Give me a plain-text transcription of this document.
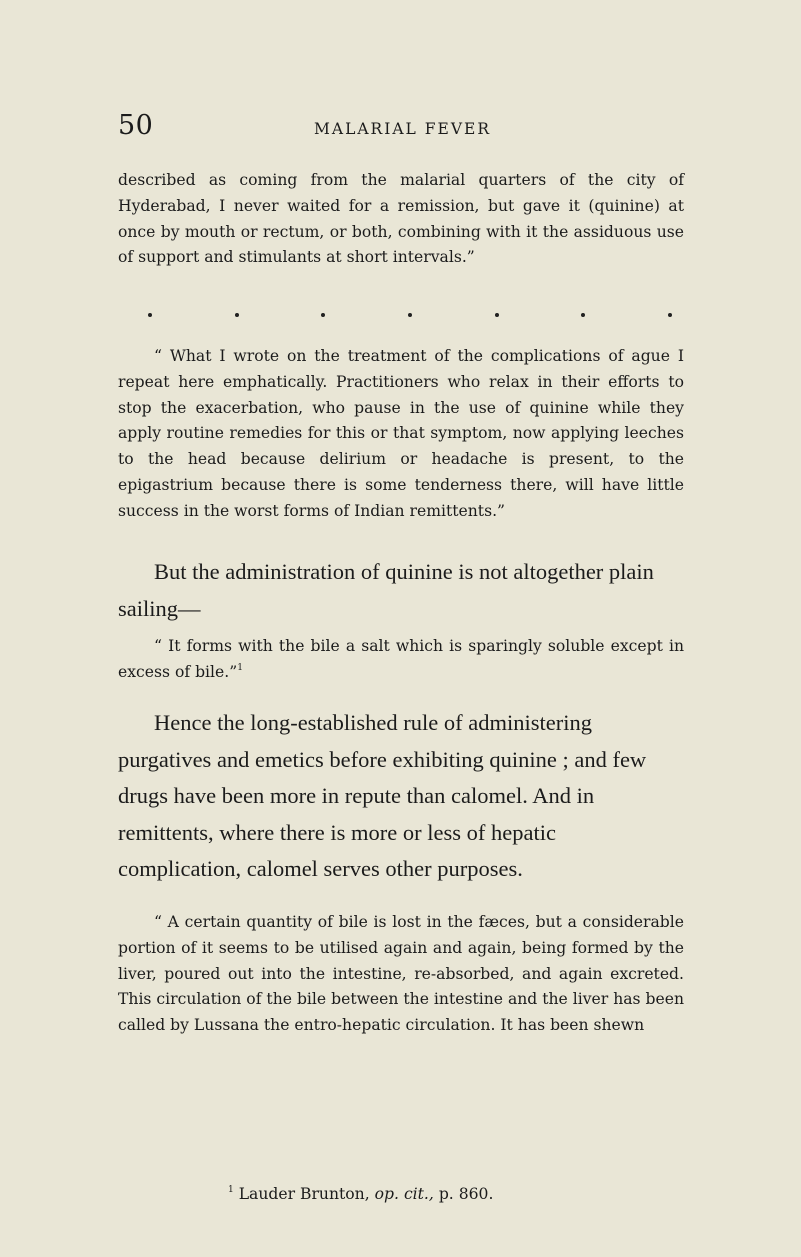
50	MALARIAL FEVER

described as coming from the malarial quarters of the city of Hyderabad, I never waited for a remission, but gave it (quinine) at once by mouth or rectum, or both, combining with it the assiduous use of support and stimulants at short intervals.”

“ What I wrote on the treatment of the complications of ague I repeat here emphatically. Practitioners who relax in their efforts to stop the exacerbation, who pause in the use of quinine while they apply routine remedies for this or that symptom, now applying leeches to the head because delirium or headache is present, to the epigastrium because there is some tenderness there, will have little success in the worst forms of Indian remittents.”

But the administration of quinine is not altogether plain sailing—

“ It forms with the bile a salt which is sparingly soluble except in excess of bile.”$^1$

Hence the long-established rule of administering purgatives and emetics before exhibiting quinine ; and few drugs have been more in repute than calomel. And in remittents, where there is more or less of hepatic complication, calomel serves other purposes.

“ A certain quantity of bile is lost in the fæces, but a considerable portion of it seems to be utilised again and again, being formed by the liver, poured out into the intestine, re-absorbed, and again excreted. This circulation of the bile between the intestine and the liver has been called by Lussana the entro-hepatic circulation. It has been shewn

$^1$ Lauder Brunton, op. cit., p. 860.
